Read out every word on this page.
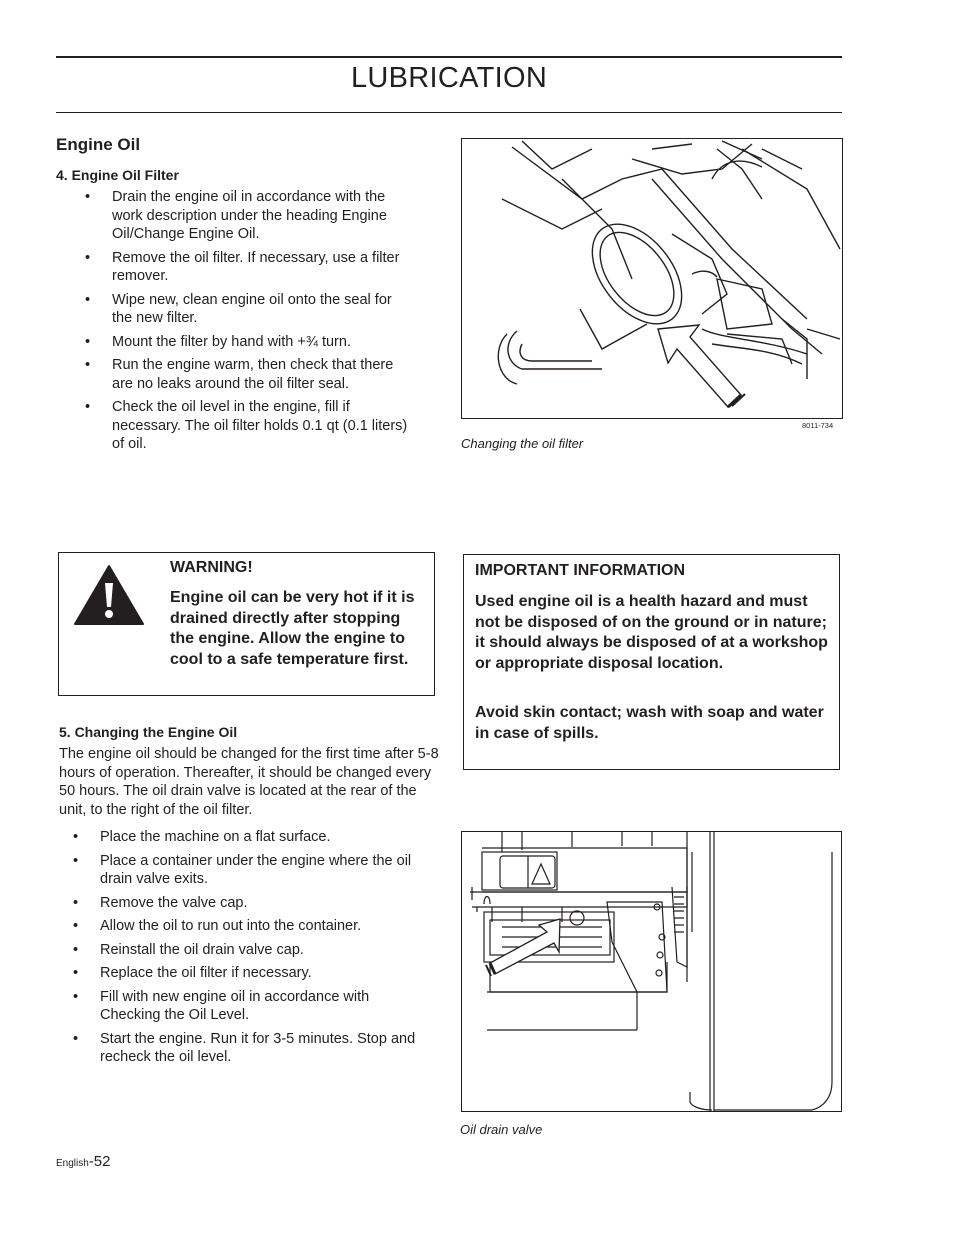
LUBRICATION
Engine Oil
4. Engine Oil Filter
• Drain the engine oil in accordance with the work description under the heading Engine Oil/Change Engine Oil.
• Remove the oil filter. If necessary, use a filter remover.
• Wipe new, clean engine oil onto the seal for the new filter.
• Mount the filter by hand with +¾ turn.
• Run the engine warm, then check that there are no leaks around the oil filter seal.
• Check the oil level in the engine, fill if necessary. The oil filter holds 0.1 qt (0.1 liters) of oil.
8011-734
Changing the oil filter
WARNING!
Engine oil can be very hot if it is drained directly after stopping the engine. Allow the engine to cool to a safe temperature first.
IMPORTANT INFORMATION
Used engine oil is a health hazard and must not be disposed of on the ground or in nature; it should always be disposed of at a workshop or appropriate disposal location.
Avoid skin contact; wash with soap and water in case of spills.
5. Changing the Engine Oil
The engine oil should be changed for the first time after 5-8 hours of operation. Thereafter, it should be changed every 50 hours. The oil drain valve is located at the rear of the unit, to the right of the oil filter.
• Place the machine on a flat surface.
• Place a container under the engine where the oil drain valve exits.
• Remove the valve cap.
• Allow the oil to run out into the container.
• Reinstall the oil drain valve cap.
• Replace the oil filter if necessary.
• Fill with new engine oil in accordance with Checking the Oil Level.
• Start the engine. Run it for 3-5 minutes. Stop and recheck the oil level.
Oil drain valve
English-52
